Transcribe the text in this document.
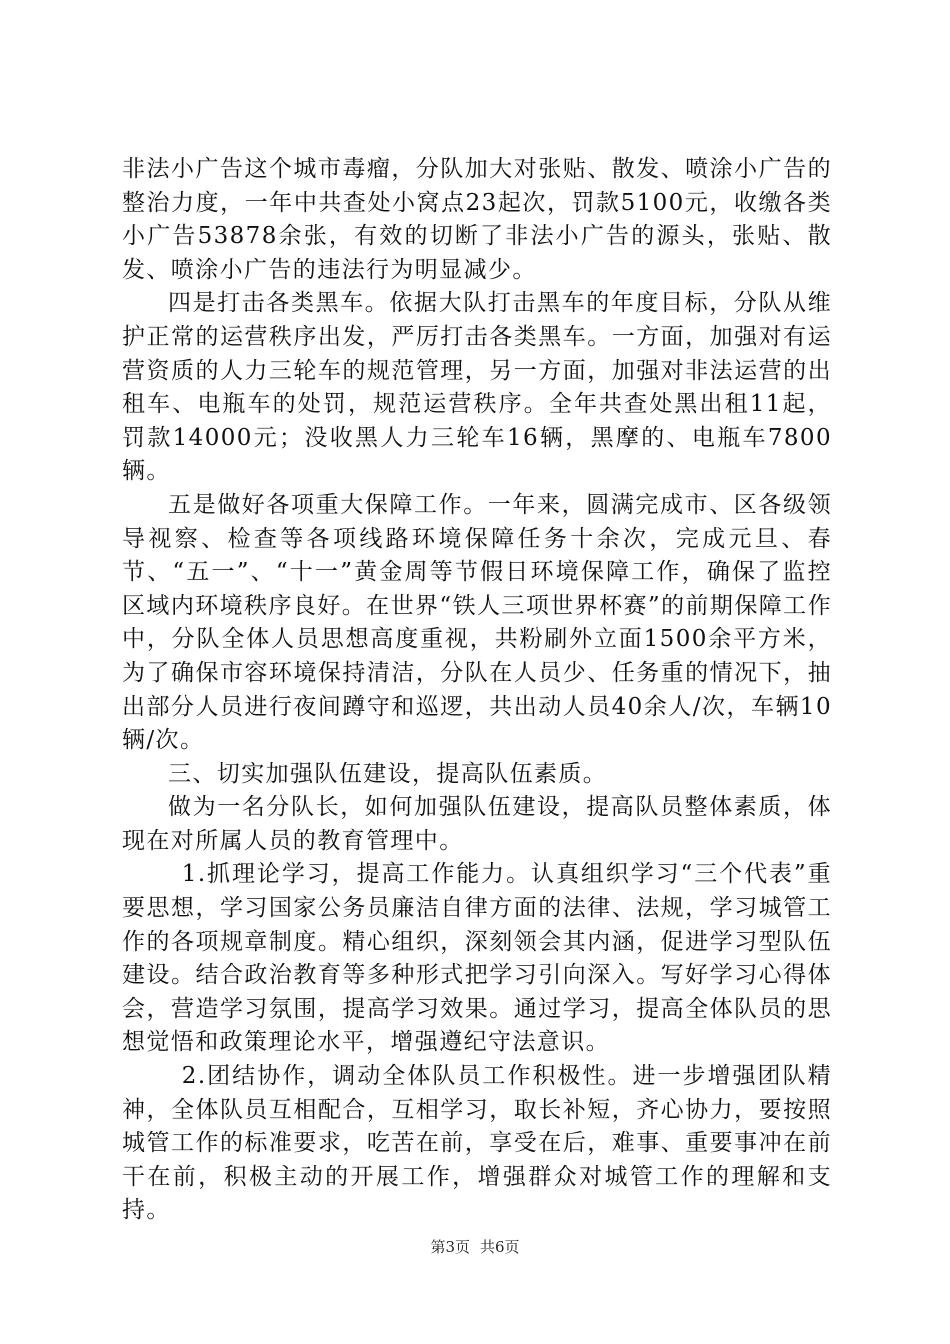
非法小广告这个城市毒瘤，分队加大对张贴、散发、喷涂小广告的整治力度，一年中共查处小窝点23起次，罚款5100元，收缴各类小广告53878余张，有效的切断了非法小广告的源头，张贴、散发、喷涂小广告的违法行为明显减少。

四是打击各类黑车。依据大队打击黑车的年度目标，分队从维护正常的运营秩序出发，严厉打击各类黑车。一方面，加强对有运营资质的人力三轮车的规范管理，另一方面，加强对非法运营的出租车、电瓶车的处罚，规范运营秩序。全年共查处黑出租11起，罚款14000元；没收黑人力三轮车16辆，黑摩的、电瓶车7800辆。

五是做好各项重大保障工作。一年来，圆满完成市、区各级领导视察、检查等各项线路环境保障任务十余次，完成元旦、春节、“五一”、“十一”黄金周等节假日环境保障工作，确保了监控区域内环境秩序良好。在世界“铁人三项世界杯赛”的前期保障工作中，分队全体人员思想高度重视，共粉刷外立面1500余平方米，为了确保市容环境保持清洁，分队在人员少、任务重的情况下，抽出部分人员进行夜间蹲守和巡逻，共出动人员40余人/次，车辆10辆/次。

三、切实加强队伍建设，提高队伍素质。

做为一名分队长，如何加强队伍建设，提高队员整体素质，体现在对所属人员的教育管理中。

1.抓理论学习，提高工作能力。认真组织学习“三个代表”重要思想，学习国家公务员廉洁自律方面的法律、法规，学习城管工作的各项规章制度。精心组织，深刻领会其内涵，促进学习型队伍建设。结合政治教育等多种形式把学习引向深入。写好学习心得体会，营造学习氛围，提高学习效果。通过学习，提高全体队员的思想觉悟和政策理论水平，增强遵纪守法意识。

2.团结协作，调动全体队员工作积极性。进一步增强团队精神，全体队员互相配合，互相学习，取长补短，齐心协力，要按照城管工作的标准要求，吃苦在前，享受在后，难事、重要事冲在前干在前，积极主动的开展工作，增强群众对城管工作的理解和支持。

第3页 共6页
